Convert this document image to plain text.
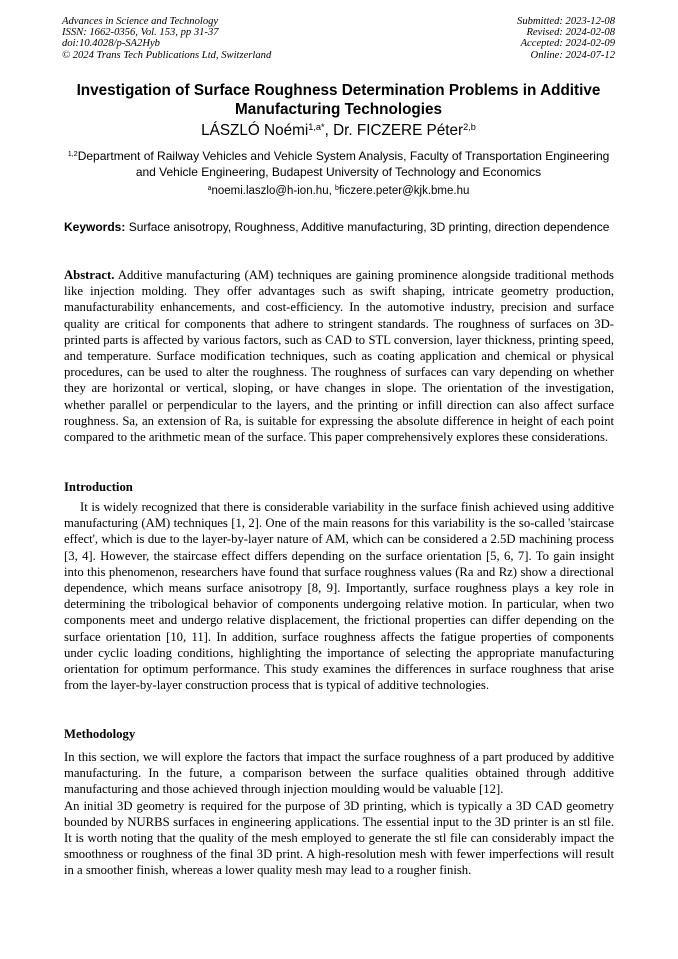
Advances in Science and Technology
ISSN: 1662-0356, Vol. 153, pp 31-37
doi:10.4028/p-SA2Hyb
© 2024 Trans Tech Publications Ltd, Switzerland
Submitted: 2023-12-08
Revised: 2024-02-08
Accepted: 2024-02-09
Online: 2024-07-12
Investigation of Surface Roughness Determination Problems in Additive Manufacturing Technologies
LÁSZLÓ Noémi$^{1,a*}$, Dr. FICZERE Péter$^{2,b}$
$^{1,2}$Department of Railway Vehicles and Vehicle System Analysis, Faculty of Transportation Engineering and Vehicle Engineering, Budapest University of Technology and Economics
$^a$noemi.laszlo@h-ion.hu, $^b$ficzere.peter@kjk.bme.hu
Keywords: Surface anisotropy, Roughness, Additive manufacturing, 3D printing, direction dependence

Abstract. Additive manufacturing (AM) techniques are gaining prominence alongside traditional methods like injection molding. They offer advantages such as swift shaping, intricate geometry production, manufacturability enhancements, and cost-efficiency. In the automotive industry, precision and surface quality are critical for components that adhere to stringent standards. The roughness of surfaces on 3D-printed parts is affected by various factors, such as CAD to STL conversion, layer thickness, printing speed, and temperature. Surface modification techniques, such as coating application and chemical or physical procedures, can be used to alter the roughness. The roughness of surfaces can vary depending on whether they are horizontal or vertical, sloping, or have changes in slope. The orientation of the investigation, whether parallel or perpendicular to the layers, and the printing or infill direction can also affect surface roughness. Sa, an extension of Ra, is suitable for expressing the absolute difference in height of each point compared to the arithmetic mean of the surface. This paper comprehensively explores these considerations.

Introduction

It is widely recognized that there is considerable variability in the surface finish achieved using additive manufacturing (AM) techniques [1, 2]. One of the main reasons for this variability is the so-called 'staircase effect', which is due to the layer-by-layer nature of AM, which can be considered a 2.5D machining process [3, 4]. However, the staircase effect differs depending on the surface orientation [5, 6, 7]. To gain insight into this phenomenon, researchers have found that surface roughness values (Ra and Rz) show a directional dependence, which means surface anisotropy [8, 9]. Importantly, surface roughness plays a key role in determining the tribological behavior of components undergoing relative motion. In particular, when two components meet and undergo relative displacement, the frictional properties can differ depending on the surface orientation [10, 11]. In addition, surface roughness affects the fatigue properties of components under cyclic loading conditions, highlighting the importance of selecting the appropriate manufacturing orientation for optimum performance. This study examines the differences in surface roughness that arise from the layer-by-layer construction process that is typical of additive technologies.

Methodology

In this section, we will explore the factors that impact the surface roughness of a part produced by additive manufacturing. In the future, a comparison between the surface qualities obtained through additive manufacturing and those achieved through injection moulding would be valuable [12].

An initial 3D geometry is required for the purpose of 3D printing, which is typically a 3D CAD geometry bounded by NURBS surfaces in engineering applications. The essential input to the 3D printer is an stl file. It is worth noting that the quality of the mesh employed to generate the stl file can considerably impact the smoothness or roughness of the final 3D print. A high-resolution mesh with fewer imperfections will result in a smoother finish, whereas a lower quality mesh may lead to a rougher finish.
